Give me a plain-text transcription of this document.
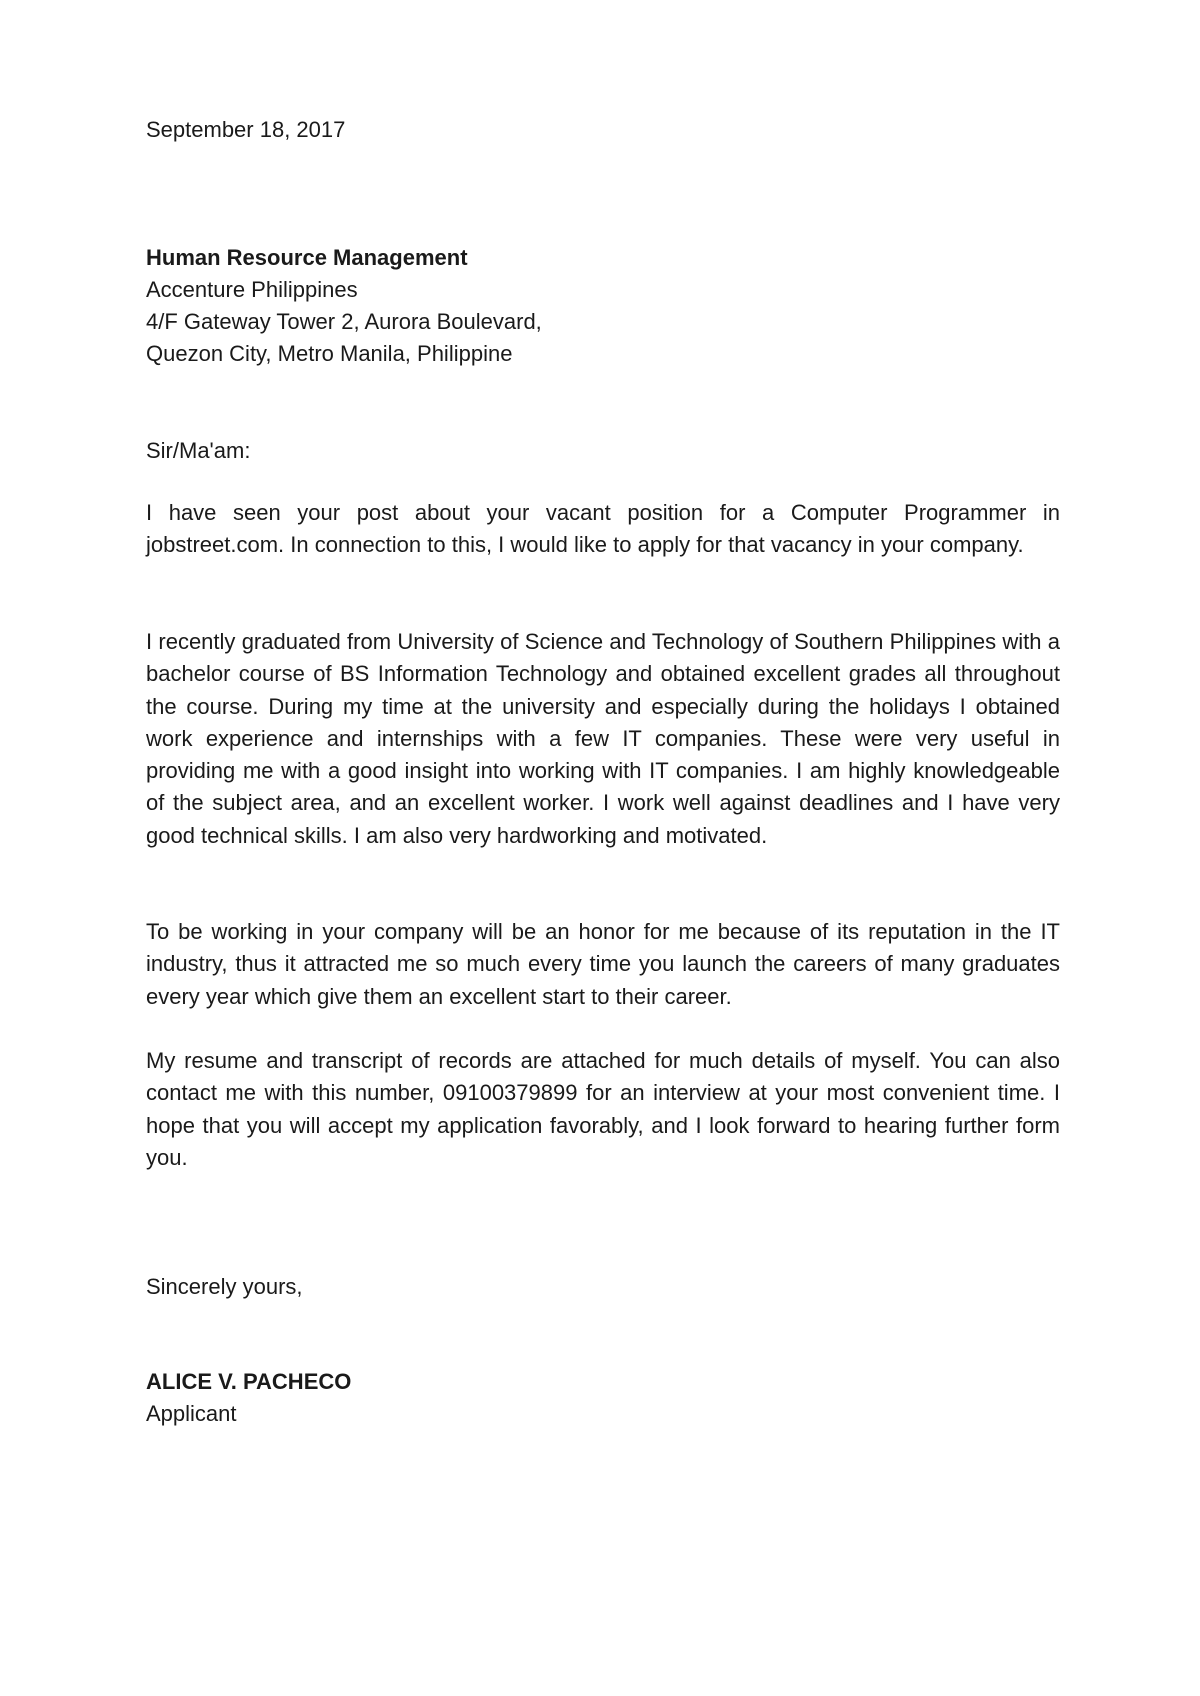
September 18, 2017
Human Resource Management
Accenture Philippines
4/F Gateway Tower 2, Aurora Boulevard,
Quezon City, Metro Manila, Philippine
Sir/Ma'am:

I have seen your post about your vacant position for a Computer Programmer in jobstreet.com. In connection to this, I would like to apply for that vacancy in your company.

I recently graduated from University of Science and Technology of Southern Philippines with a bachelor course of BS Information Technology and obtained excellent grades all throughout the course. During my time at the university and especially during the holidays I obtained work experience and internships with a few IT companies. These were very useful in providing me with a good insight into working with IT companies. I am highly knowledgeable of the subject area, and an excellent worker. I work well against deadlines and I have very good technical skills. I am also very hardworking and motivated.

To be working in your company will be an honor for me because of its reputation in the IT industry, thus it attracted me so much every time you launch the careers of many graduates every year which give them an excellent start to their career.

My resume and transcript of records are attached for much details of myself. You can also contact me with this number, 09100379899 for an interview at your most convenient time. I hope that you will accept my application favorably, and I look forward to hearing further form you.

Sincerely yours,
ALICE V. PACHECO
Applicant
